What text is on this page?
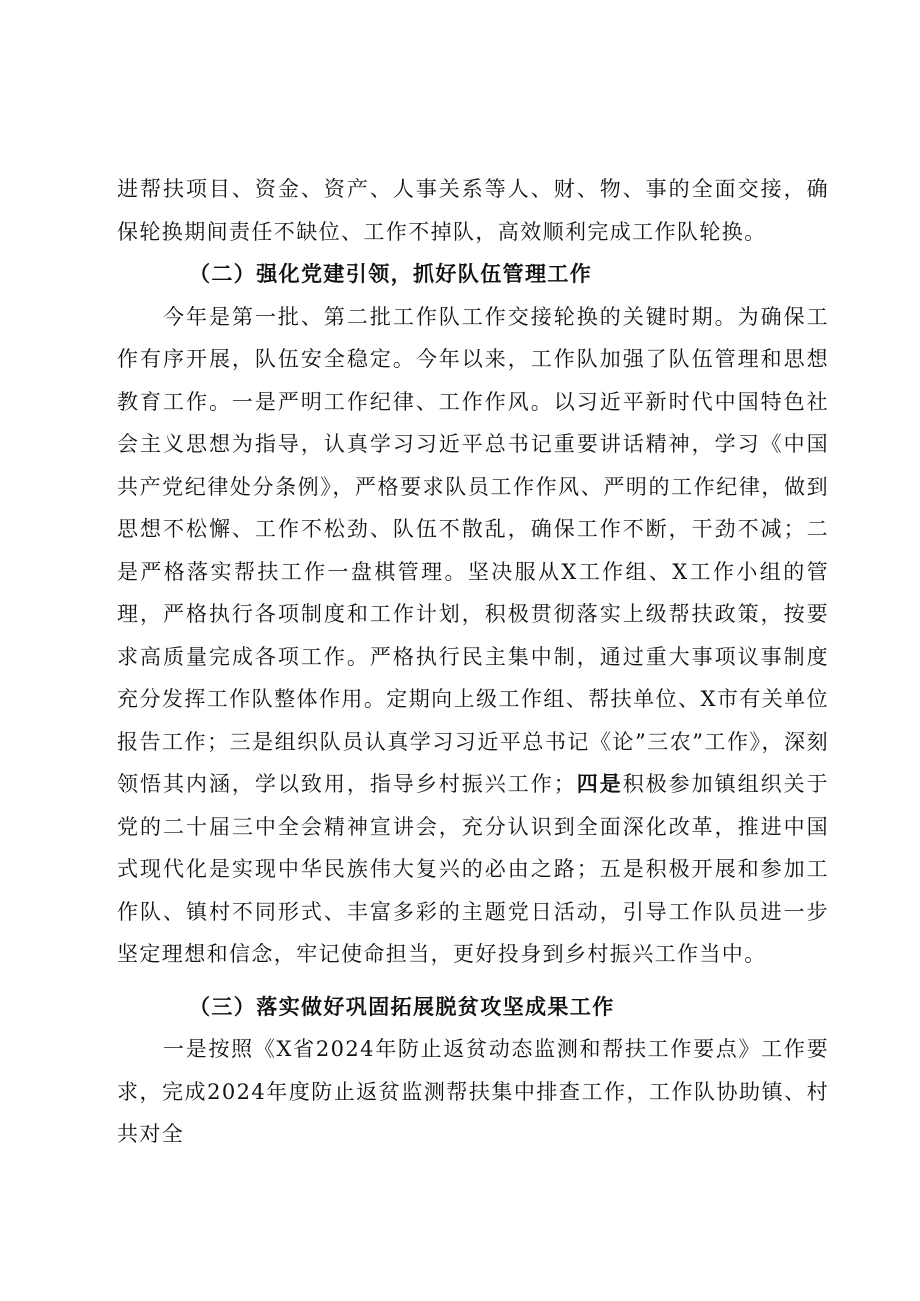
进帮扶项目、资金、资产、人事关系等人、财、物、事的全面交接，确保轮换期间责任不缺位、工作不掉队，高效顺利完成工作队轮换。

（二）强化党建引领，抓好队伍管理工作

今年是第一批、第二批工作队工作交接轮换的关键时期。为确保工作有序开展，队伍安全稳定。今年以来，工作队加强了队伍管理和思想教育工作。一是严明工作纪律、工作作风。以习近平新时代中国特色社会主义思想为指导，认真学习习近平总书记重要讲话精神，学习《中国共产党纪律处分条例》，严格要求队员工作作风、严明的工作纪律，做到思想不松懈、工作不松劲、队伍不散乱，确保工作不断，干劲不减；二是严格落实帮扶工作一盘棋管理。坚决服从X工作组、X工作小组的管理，严格执行各项制度和工作计划，积极贯彻落实上级帮扶政策，按要求高质量完成各项工作。严格执行民主集中制，通过重大事项议事制度充分发挥工作队整体作用。定期向上级工作组、帮扶单位、X市有关单位报告工作；三是组织队员认真学习习近平总书记《论”三农”工作》，深刻领悟其内涵，学以致用，指导乡村振兴工作；四是积极参加镇组织关于党的二十届三中全会精神宣讲会，充分认识到全面深化改革，推进中国式现代化是实现中华民族伟大复兴的必由之路；五是积极开展和参加工作队、镇村不同形式、丰富多彩的主题党日活动，引导工作队员进一步坚定理想和信念，牢记使命担当，更好投身到乡村振兴工作当中。

（三）落实做好巩固拓展脱贫攻坚成果工作

一是按照《X省2024年防止返贫动态监测和帮扶工作要点》工作要求，完成2024年度防止返贫监测帮扶集中排查工作，工作队协助镇、村共对全
